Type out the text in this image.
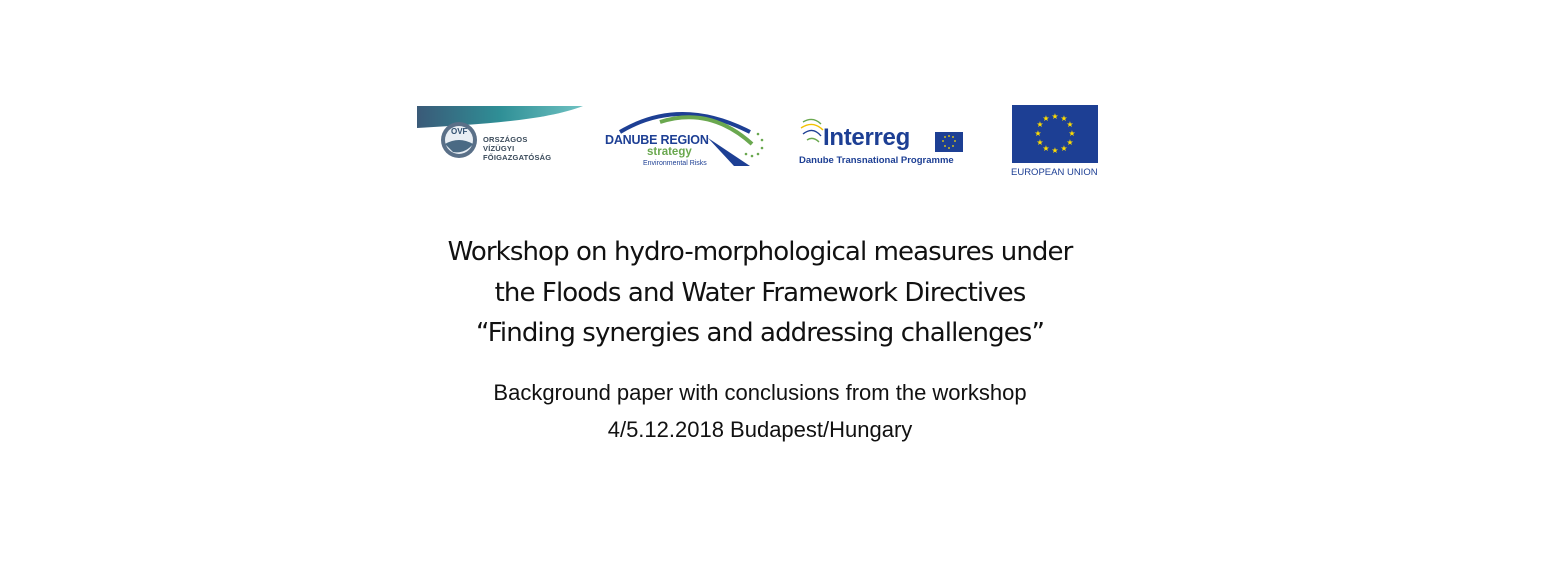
OVF
ORSZÁGOS
VÍZÜGYI
FŐIGAZGATÓSÁG
DANUBE REGION
strategy
Environmental Risks
Interreg
Danube Transnational Programme
★ ★
★
★
★
★
★
★
★
★
★
★
EUROPEAN UNION
Workshop on hydro-morphological measures under
the Floods and Water Framework Directives
“Finding synergies and addressing challenges”
Background paper with conclusions from the workshop
4/5.12.2018 Budapest/Hungary
